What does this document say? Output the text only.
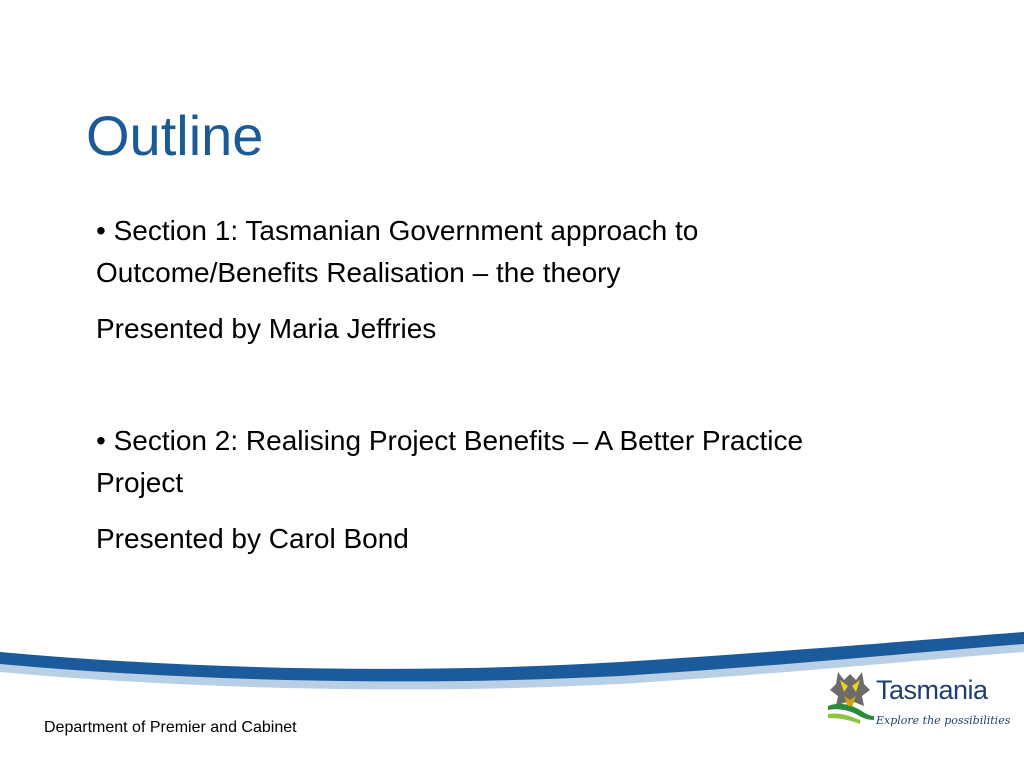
Outline

• Section 1: Tasmanian Government approach to Outcome/Benefits Realisation – the theory

Presented by Maria Jeffries

• Section 2: Realising Project Benefits – A Better Practice Project

Presented by Carol Bond

Department of Premier and Cabinet
Tasmania
Explore the possibilities
